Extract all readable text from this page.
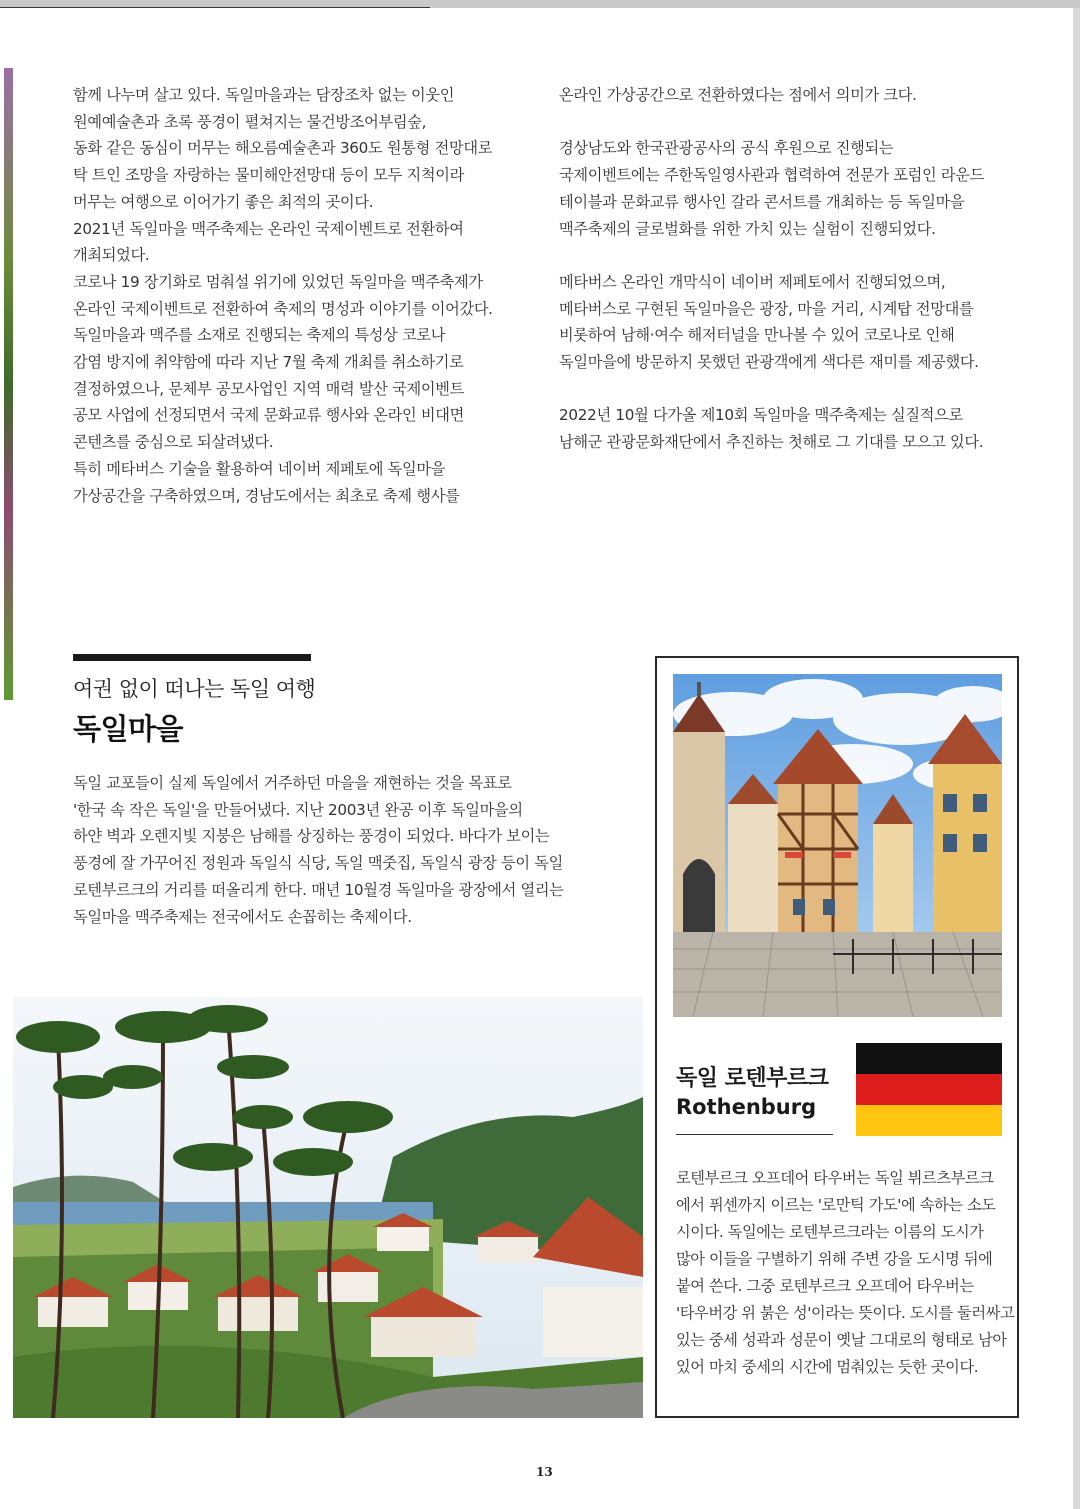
함께 나누며 살고 있다. 독일마을과는 담장조차 없는 이웃인

원예예술촌과 초록 풍경이 펼쳐지는 물건방조어부림숲,

동화 같은 동심이 머무는 해오름예술촌과 360도 원통형 전망대로

탁 트인 조망을 자랑하는 물미해안전망대 등이 모두 지척이라

머무는 여행으로 이어가기 좋은 최적의 곳이다.

2021년 독일마을 맥주축제는 온라인 국제이벤트로 전환하여

개최되었다.

코로나 19 장기화로 멈춰설 위기에 있었던 독일마을 맥주축제가

온라인 국제이벤트로 전환하여 축제의 명성과 이야기를 이어갔다.

독일마을과 맥주를 소재로 진행되는 축제의 특성상 코로나

감염 방지에 취약함에 따라 지난 7월 축제 개최를 취소하기로

결정하였으나, 문체부 공모사업인 지역 매력 발산 국제이벤트

공모 사업에 선정되면서 국제 문화교류 행사와 온라인 비대면

콘텐츠를 중심으로 되살려냈다.

특히 메타버스 기술을 활용하여 네이버 제페토에 독일마을

가상공간을 구축하였으며, 경남도에서는 최초로 축제 행사를

온라인 가상공간으로 전환하였다는 점에서 의미가 크다.

경상남도와 한국관광공사의 공식 후원으로 진행되는

국제이벤트에는 주한독일영사관과 협력하여 전문가 포럼인 라운드

테이블과 문화교류 행사인 갈라 콘서트를 개최하는 등 독일마을

맥주축제의 글로벌화를 위한 가치 있는 실험이 진행되었다.

메타버스 온라인 개막식이 네이버 제페토에서 진행되었으며,

메타버스로 구현된 독일마을은 광장, 마을 거리, 시계탑 전망대를

비롯하여 남해·여수 해저터널을 만나볼 수 있어 코로나로 인해

독일마을에 방문하지 못했던 관광객에게 색다른 재미를 제공했다.

2022년 10월 다가올 제10회 독일마을 맥주축제는 실질적으로

남해군 관광문화재단에서 추진하는 첫해로 그 기대를 모으고 있다.

여권 없이 떠나는 독일 여행
독일마을

독일 교포들이 실제 독일에서 거주하던 마을을 재현하는 것을 목표로

'한국 속 작은 독일'을 만들어냈다. 지난 2003년 완공 이후 독일마을의

하얀 벽과 오렌지빛 지붕은 남해를 상징하는 풍경이 되었다. 바다가 보이는

풍경에 잘 가꾸어진 정원과 독일식 식당, 독일 맥줏집, 독일식 광장 등이 독일

로텐부르크의 거리를 떠올리게 한다. 매년 10월경 독일마을 광장에서 열리는

독일마을 맥주축제는 전국에서도 손꼽히는 축제이다.

독일 로텐부르크
Rothenburg

로텐부르크 오프데어 타우버는 독일 뷔르츠부르크

에서 퓌센까지 이르는 '로만틱 가도'에 속하는 소도

시이다. 독일에는 로텐부르크라는 이름의 도시가

많아 이들을 구별하기 위해 주변 강을 도시명 뒤에

붙여 쓴다. 그중 로텐부르크 오프데어 타우버는

'타우버강 위 붉은 성'이라는 뜻이다. 도시를 둘러싸고

있는 중세 성곽과 성문이 옛날 그대로의 형태로 남아

있어 마치 중세의 시간에 멈춰있는 듯한 곳이다.

13
